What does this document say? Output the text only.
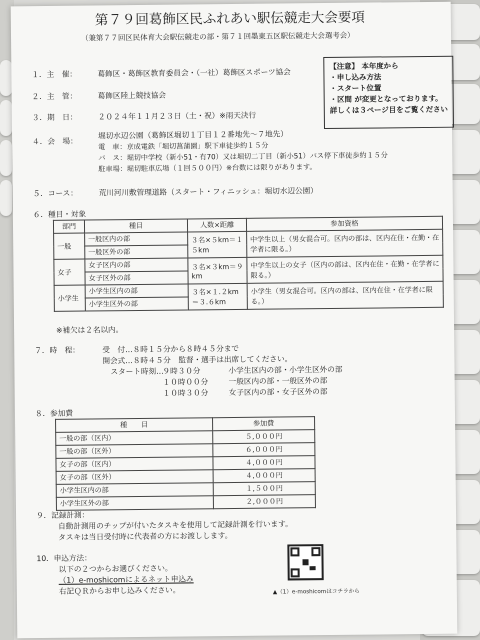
第７９回葛飾区民ふれあい駅伝競走大会要項
（兼第７７回区民体育大会駅伝競走の部・第７１回墨東五区駅伝競走大会選考会）
【注意】 本年度から
・申し込み方法
・スタート位置
・区間 が変更となっております。
詳しくは３ページ目をご覧ください
１．主　催：	葛飾区・葛飾区教育委員会・（一社）葛飾区スポーツ協会
２．主　管：	葛飾区陸上競技協会
３．期　日：	２０２４年１１月２３日（土・祝）※雨天決行
４．会　場：
堀切水辺公園（葛飾区堀切１丁目１２番地先～７地先）
電　車：京成電鉄「堀切菖蒲園」駅下車徒歩約１５分
バ　ス：堀切中学校（新小51・有70）又は堀切二丁目（新小51）バス停下車徒歩約１５分
駐車場：堀切駐車広場（１回５００円）※台数には限りがあります。
５．コース：	荒川河川敷管理道路（スタート・フィニッシュ：堀切水辺公園）
６．種目・対象
部門	種目	人数×距離	参加資格
一般	一般区内の部	３名×５km＝１５km	中学生以上（男女混合可。区内の部は、区内在住・在勤・在学者に限る。）
	一般区外の部		
女子	女子区内の部	３名×３km＝９km	中学生以上の女子（区内の部は、区内在住・在勤・在学者に限る。）
	女子区外の部		
小学生	小学生区内の部	３名×１.２km＝３.６km	小学生（男女混合可。区内の部は、区内在住・在学者に限る。）
	小学生区外の部		
※補欠は２名以内。
７．時　程：	受　付…８時１５分から８時４５分まで
開会式…８時４５分　監督・選手は出席してください。
スタート時刻…
９時３０分	小学生区内の部・小学生区外の部
１０時００分	一般区内の部・一般区外の部
１０時３０分	女子区内の部・女子区外の部
８．参加費
種　　目	参加費
一般の部（区内）	５,０００円
一般の部（区外）	６,０００円
女子の部（区内）	４,０００円
女子の部（区外）	４,０００円
小学生区内の部	１,５００円
小学生区外の部	２,０００円
９．記録計測：
自動計測用のチップが付いたタスキを使用して記録計測を行います。
タスキは当日受付時に代表者の方にお渡しします。
10．申込方法：
以下の２つからお選びください。
（1）e-moshicomによるネット申込み
右記ＱＲからお申し込みください。	▲（1）e-moshicomはコチラから
